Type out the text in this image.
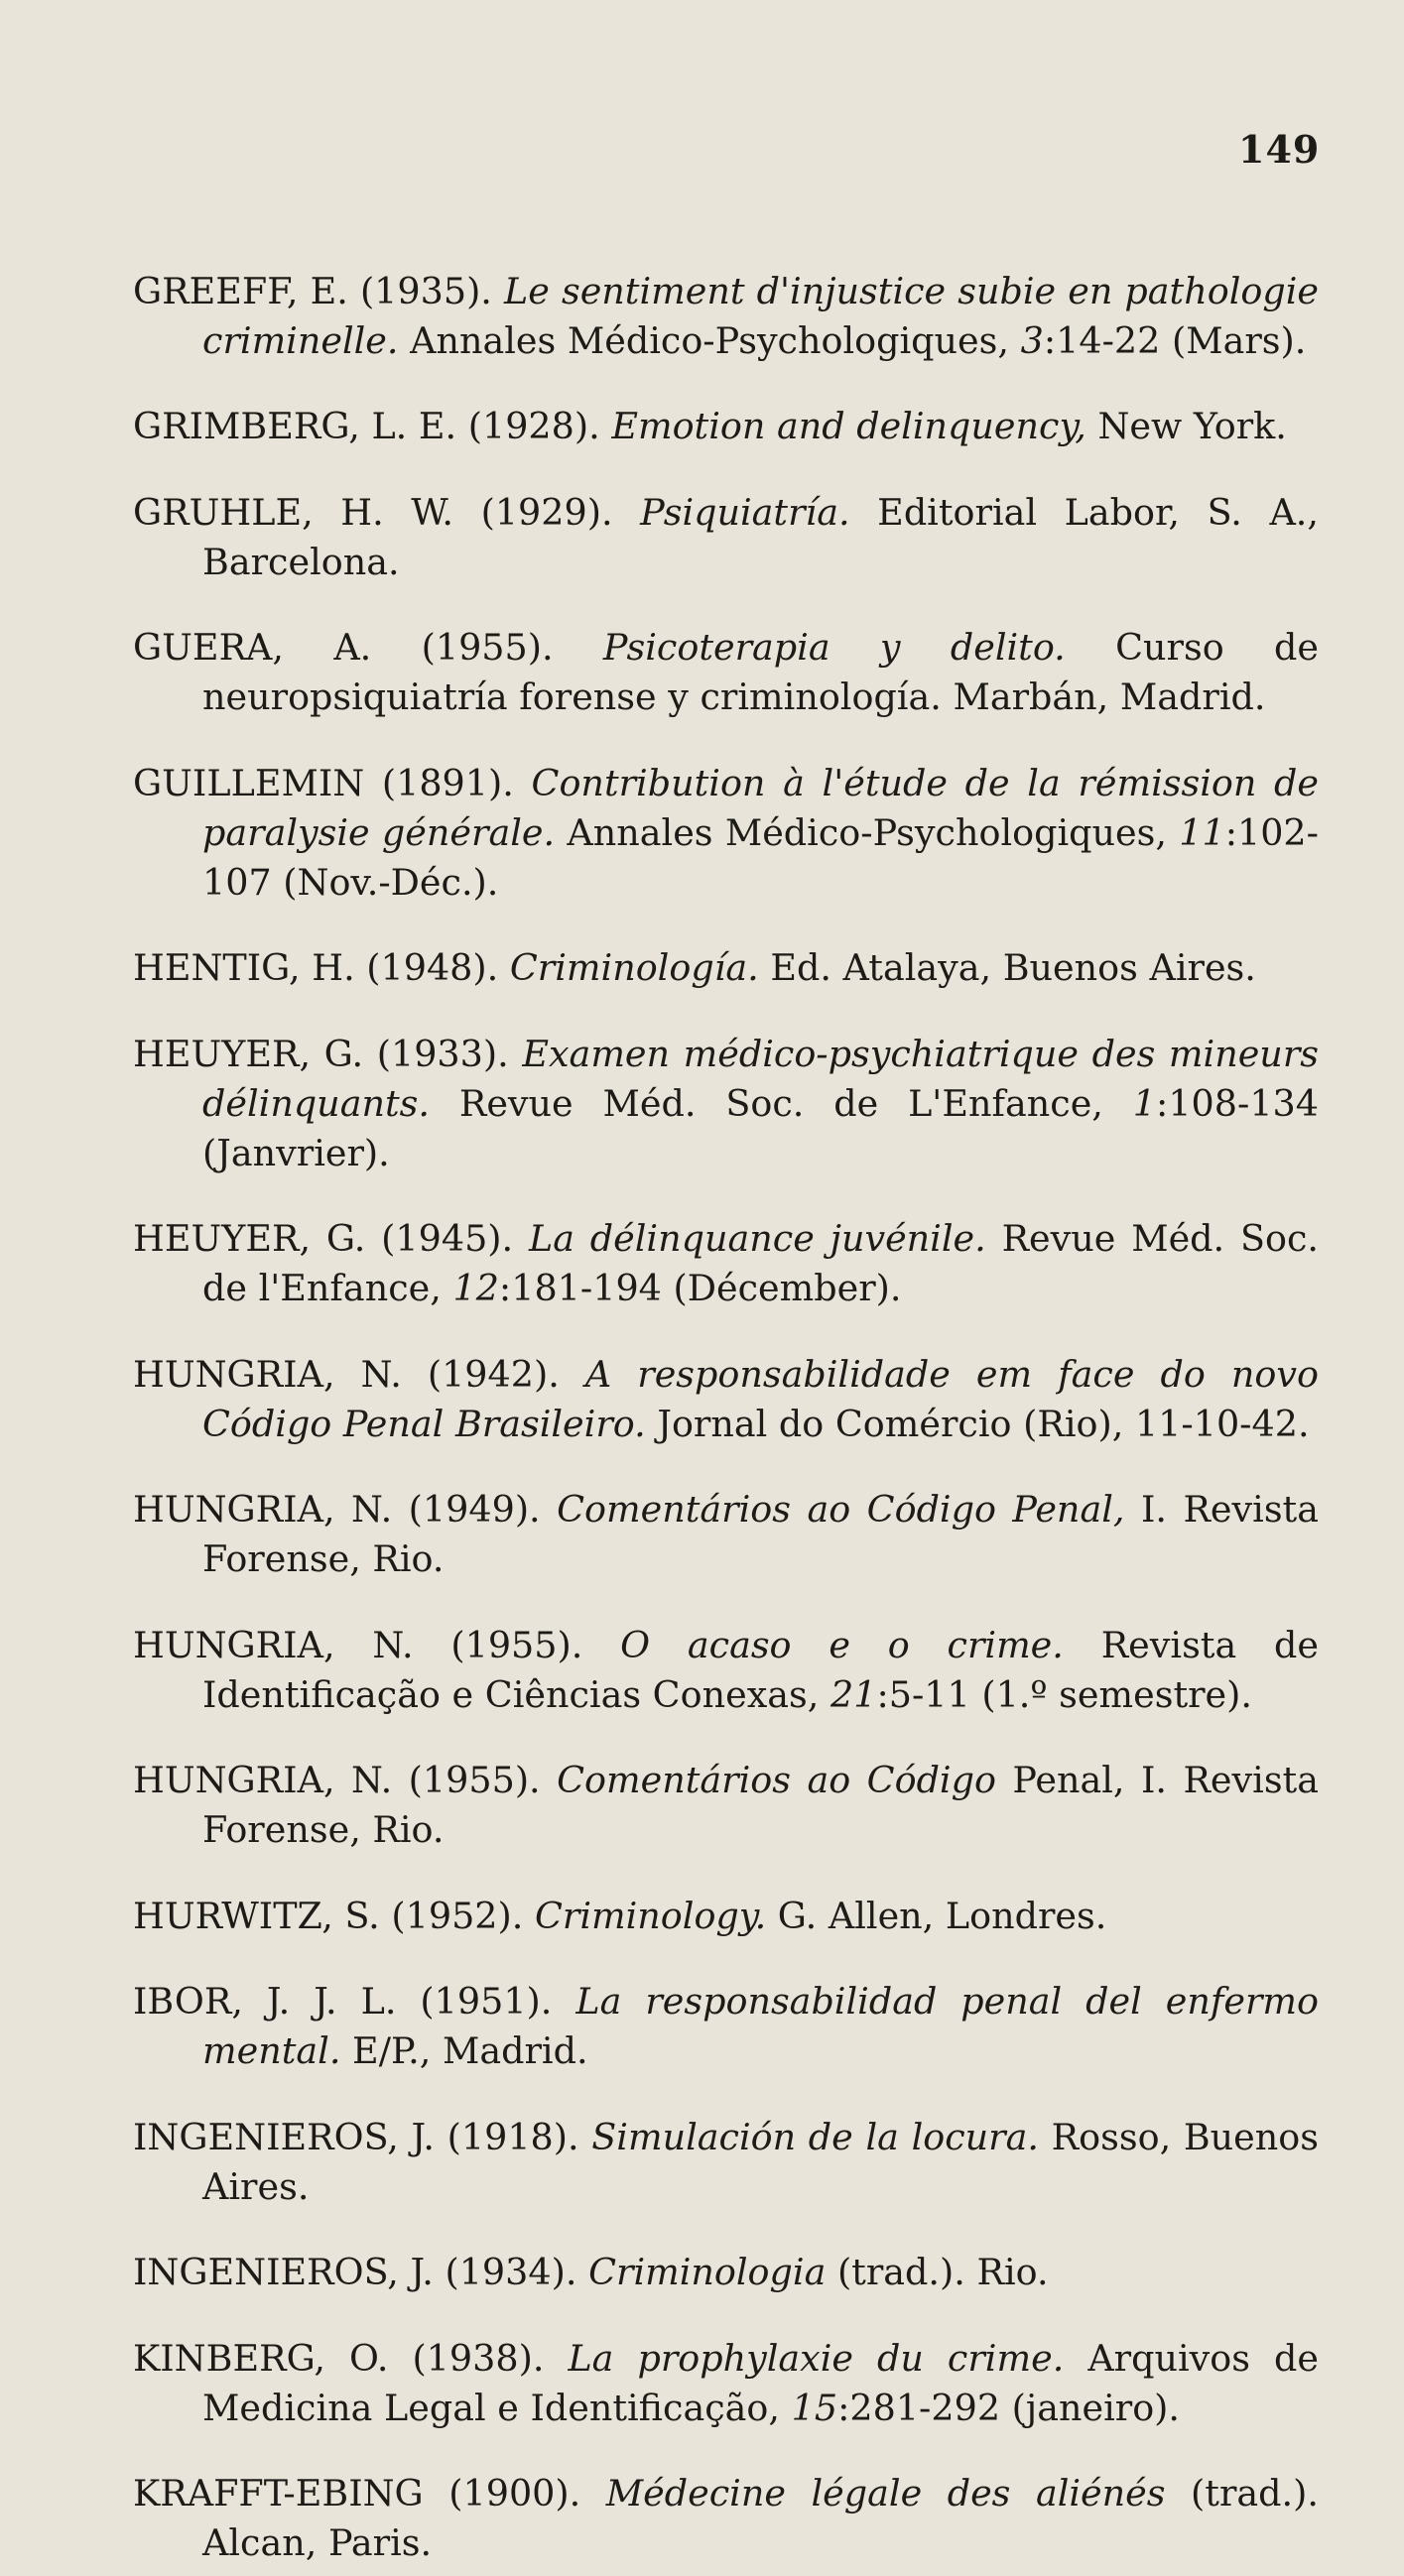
149

GREEFF, E. (1935). Le sentiment d'injustice subie en pathologie criminelle. Annales Médico-Psychologiques, 3:14-22 (Mars).

GRIMBERG, L. E. (1928). Emotion and delinquency, New York.

GRUHLE, H. W. (1929). Psiquiatría. Editorial Labor, S. A., Barcelona.

GUERA, A. (1955). Psicoterapia y delito. Curso de neuropsiquiatría forense y criminología. Marbán, Madrid.

GUILLEMIN (1891). Contribution à l'étude de la rémission de paralysie générale. Annales Médico-Psychologiques, 11:102-107 (Nov.-Déc.).

HENTIG, H. (1948). Criminología. Ed. Atalaya, Buenos Aires.

HEUYER, G. (1933). Examen médico-psychiatrique des mineurs délinquants. Revue Méd. Soc. de L'Enfance, 1:108-134 (Janvrier).

HEUYER, G. (1945). La délinquance juvénile. Revue Méd. Soc. de l'Enfance, 12:181-194 (Décember).

HUNGRIA, N. (1942). A responsabilidade em face do novo Código Penal Brasileiro. Jornal do Comércio (Rio), 11-10-42.

HUNGRIA, N. (1949). Comentários ao Código Penal, I. Revista Forense, Rio.

HUNGRIA, N. (1955). O acaso e o crime. Revista de Identificação e Ciências Conexas, 21:5-11 (1.º semestre).

HUNGRIA, N. (1955). Comentários ao Código Penal, I. Revista Forense, Rio.

HURWITZ, S. (1952). Criminology. G. Allen, Londres.

IBOR, J. J. L. (1951). La responsabilidad penal del enfermo mental. E/P., Madrid.

INGENIEROS, J. (1918). Simulación de la locura. Rosso, Buenos Aires.

INGENIEROS, J. (1934). Criminologia (trad.). Rio.

KINBERG, O. (1938). La prophylaxie du crime. Arquivos de Medicina Legal e Identificação, 15:281-292 (janeiro).

KRAFFT-EBING (1900). Médecine légale des aliénés (trad.). Alcan, Paris.
